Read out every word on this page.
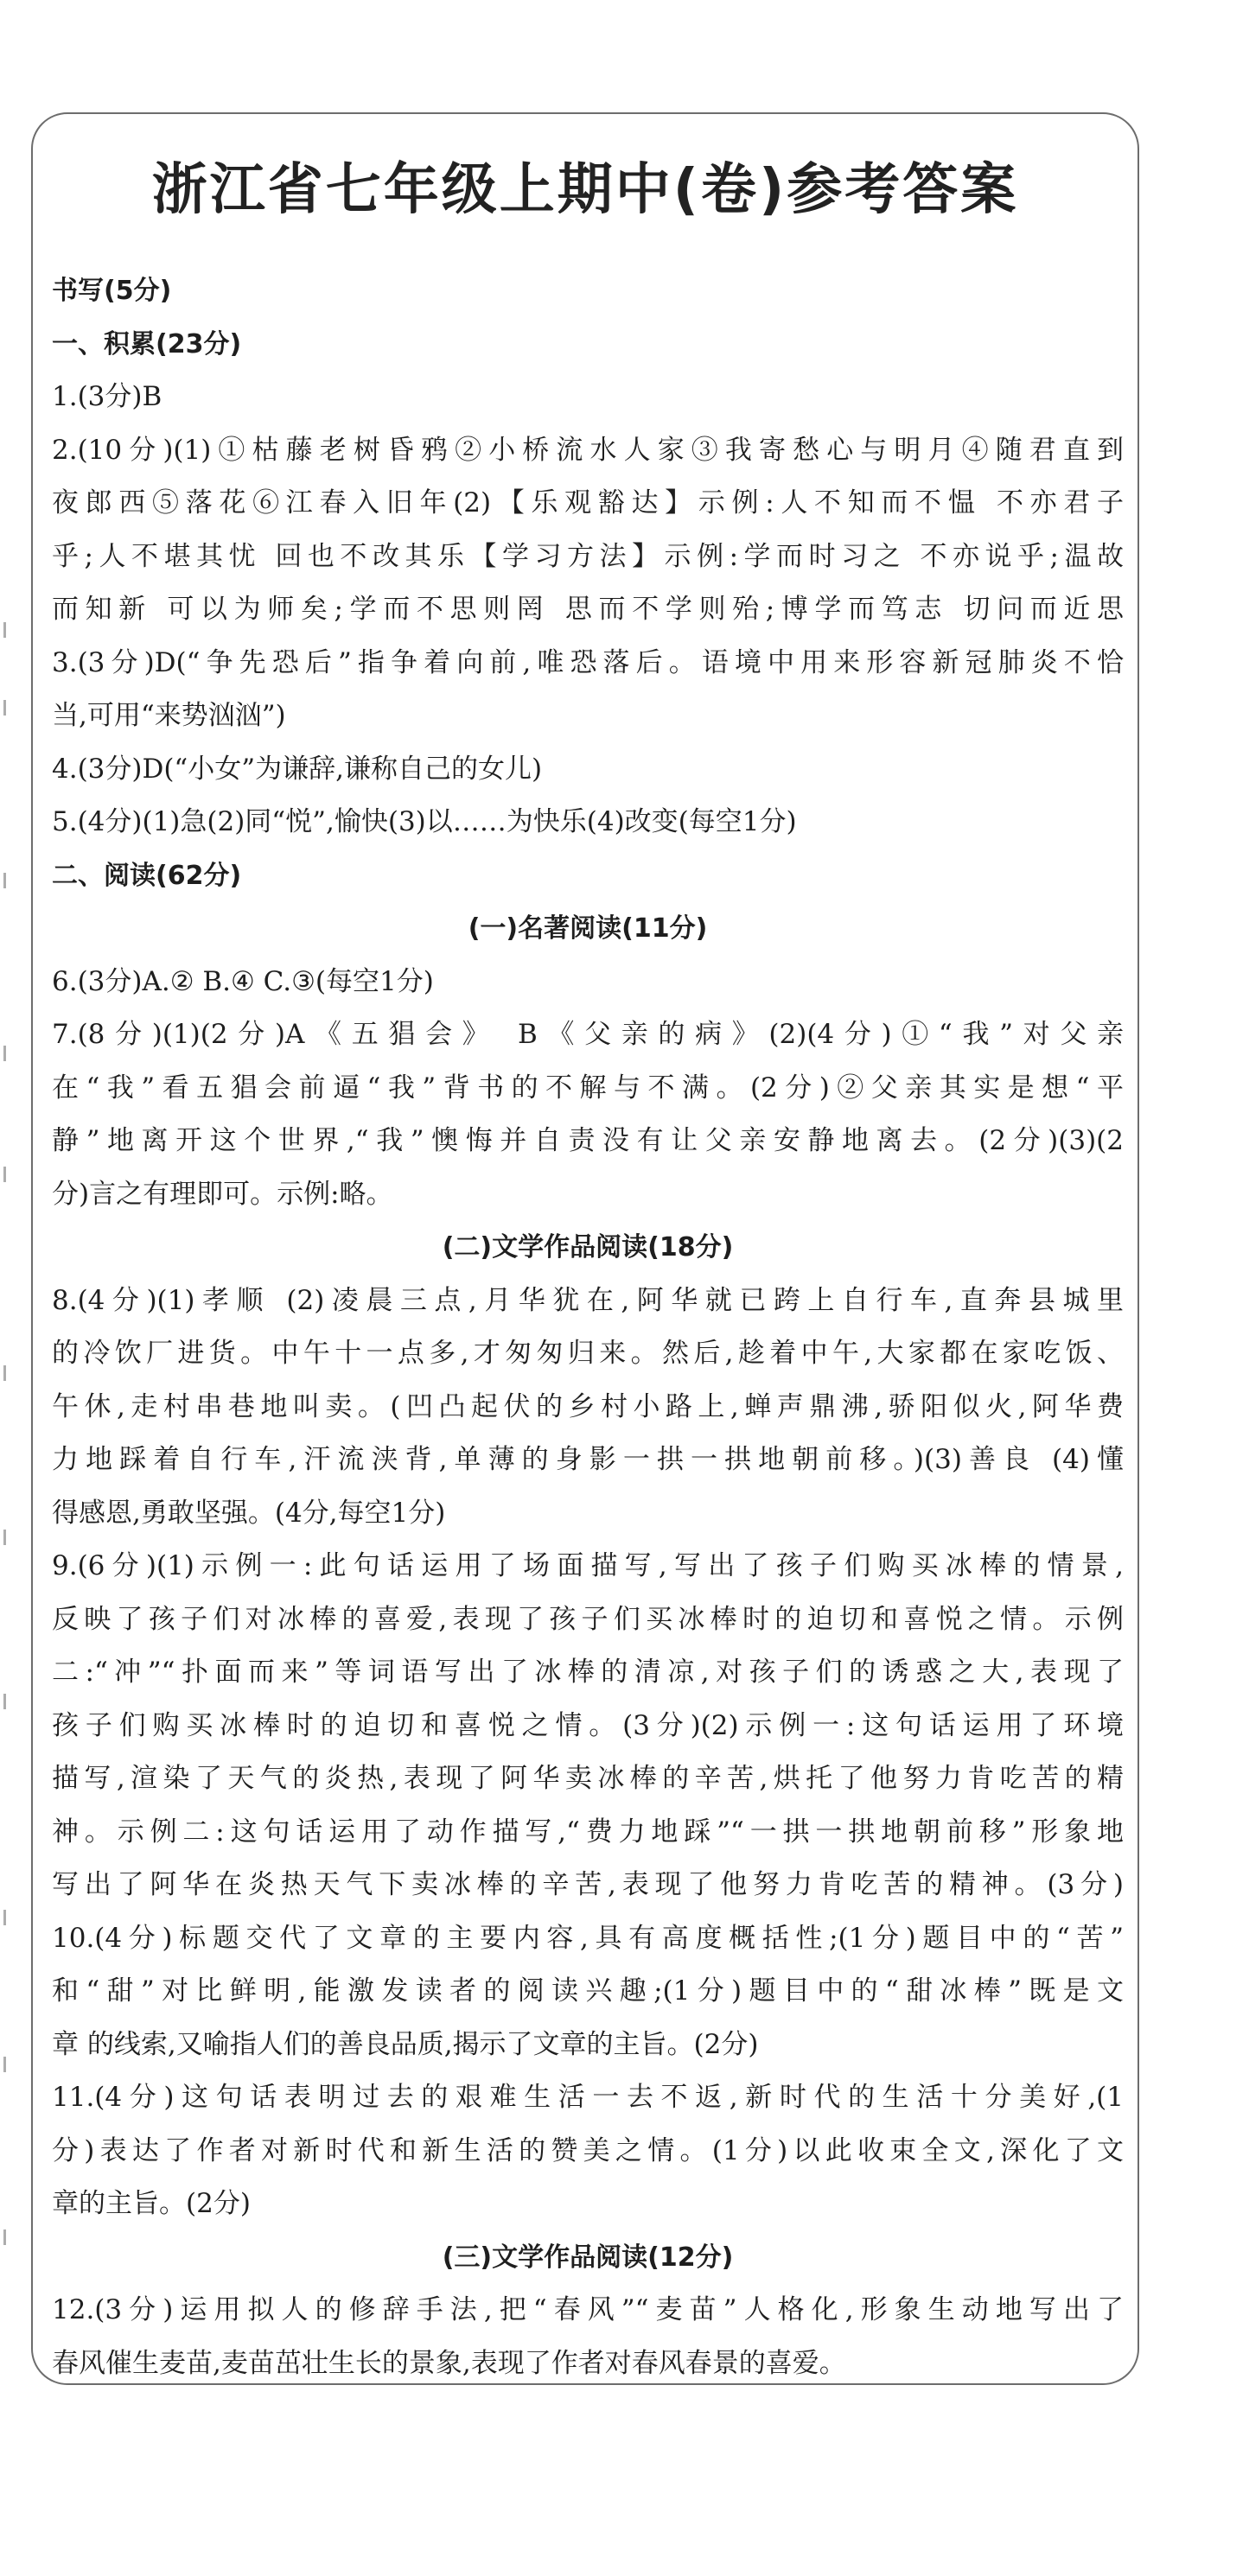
浙江省七年级上期中(卷)参考答案
书写(5分)
一、积累(23分)
1.(3分)B
2.(10分)(1)①枯藤老树昏鸦②小桥流水人家③我寄愁心与明月④随君直到
夜郎西⑤落花⑥江春入旧年(2)【乐观豁达】示例:人不知而不愠 不亦君子
乎;人不堪其忧 回也不改其乐【学习方法】示例:学而时习之 不亦说乎;温故
而知新 可以为师矣;学而不思则罔 思而不学则殆;博学而笃志 切问而近思
3.(3分)D(“争先恐后”指争着向前,唯恐落后。语境中用来形容新冠肺炎不恰
当,可用“来势汹汹”)
4.(3分)D(“小女”为谦辞,谦称自己的女儿)
5.(4分)(1)急(2)同“悦”,愉快(3)以……为快乐(4)改变(每空1分)
二、阅读(62分)
(一)名著阅读(11分)
6.(3分)A.② B.④ C.③(每空1分)
7.(8分)(1)(2分)A《五猖会》 B《父亲的病》(2)(4分)①“我”对父亲
在“我”看五猖会前逼“我”背书的不解与不满。(2分)②父亲其实是想“平
静”地离开这个世界,“我”懊悔并自责没有让父亲安静地离去。(2分)(3)(2
分)言之有理即可。示例:略。
(二)文学作品阅读(18分)
8.(4分)(1)孝顺 (2)凌晨三点,月华犹在,阿华就已跨上自行车,直奔县城里
的冷饮厂进货。中午十一点多,才匆匆归来。然后,趁着中午,大家都在家吃饭、
午休,走村串巷地叫卖。(凹凸起伏的乡村小路上,蝉声鼎沸,骄阳似火,阿华费
力地踩着自行车,汗流浃背,单薄的身影一拱一拱地朝前移。)(3)善良 (4)懂
得感恩,勇敢坚强。(4分,每空1分)
9.(6分)(1)示例一:此句话运用了场面描写,写出了孩子们购买冰棒的情景,
反映了孩子们对冰棒的喜爱,表现了孩子们买冰棒时的迫切和喜悦之情。示例
二:“冲”“扑面而来”等词语写出了冰棒的清凉,对孩子们的诱惑之大,表现了
孩子们购买冰棒时的迫切和喜悦之情。(3分)(2)示例一:这句话运用了环境
描写,渲染了天气的炎热,表现了阿华卖冰棒的辛苦,烘托了他努力肯吃苦的精
神。示例二:这句话运用了动作描写,“费力地踩”“一拱一拱地朝前移”形象地
写出了阿华在炎热天气下卖冰棒的辛苦,表现了他努力肯吃苦的精神。(3分)
10.(4分)标题交代了文章的主要内容,具有高度概括性;(1分)题目中的“苦”
和“甜”对比鲜明,能激发读者的阅读兴趣;(1分)题目中的“甜冰棒”既是文
章 的线索,又喻指人们的善良品质,揭示了文章的主旨。(2分)
11.(4分)这句话表明过去的艰难生活一去不返,新时代的生活十分美好,(1
分)表达了作者对新时代和新生活的赞美之情。(1分)以此收束全文,深化了文
章的主旨。(2分)
(三)文学作品阅读(12分)
12.(3分)运用拟人的修辞手法,把“春风”“麦苗”人格化,形象生动地写出了
春风催生麦苗,麦苗茁壮生长的景象,表现了作者对春风春景的喜爱。
